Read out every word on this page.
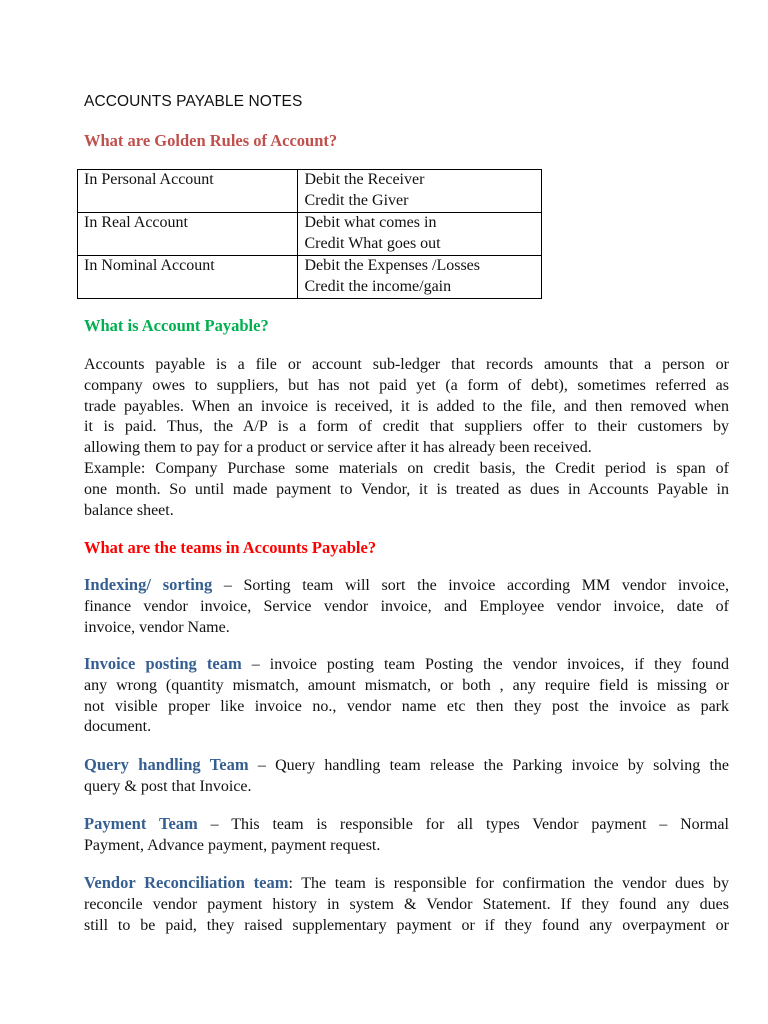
ACCOUNTS PAYABLE NOTES
What are Golden Rules of Account?
In Personal Account	Debit the Receiver
Credit the Giver

In Real Account	Debit what comes in
Credit What goes out

In Nominal Account	Debit the Expenses /Losses
Credit the income/gain
What is Account Payable?

Accounts payable is a file or account sub-ledger that records amounts that a person or
company owes to suppliers, but has not paid yet (a form of debt), sometimes referred as
trade payables. When an invoice is received, it is added to the file, and then removed when
it is paid. Thus, the A/P is a form of credit that suppliers offer to their customers by
allowing them to pay for a product or service after it has already been received.

Example: Company Purchase some materials on credit basis, the Credit period is span of
one month. So until made payment to Vendor, it is treated as dues in Accounts Payable in
balance sheet.

What are the teams in Accounts Payable?

Indexing/ sorting – Sorting team will sort the invoice according MM vendor invoice,
finance vendor invoice, Service vendor invoice, and Employee vendor invoice, date of
invoice, vendor Name.

Invoice posting team – invoice posting team Posting the vendor invoices, if they found
any wrong (quantity mismatch, amount mismatch, or both , any require field is missing or
not visible proper like invoice no., vendor name etc then they post the invoice as park
document.

Query handling Team – Query handling team release the Parking invoice by solving the
query & post that Invoice.

Payment Team – This team is responsible for all types Vendor payment – Normal
Payment, Advance payment, payment request.

Vendor Reconciliation team: The team is responsible for confirmation the vendor dues by
reconcile vendor payment history in system & Vendor Statement. If they found any dues
still to be paid, they raised supplementary payment or if they found any overpayment or
